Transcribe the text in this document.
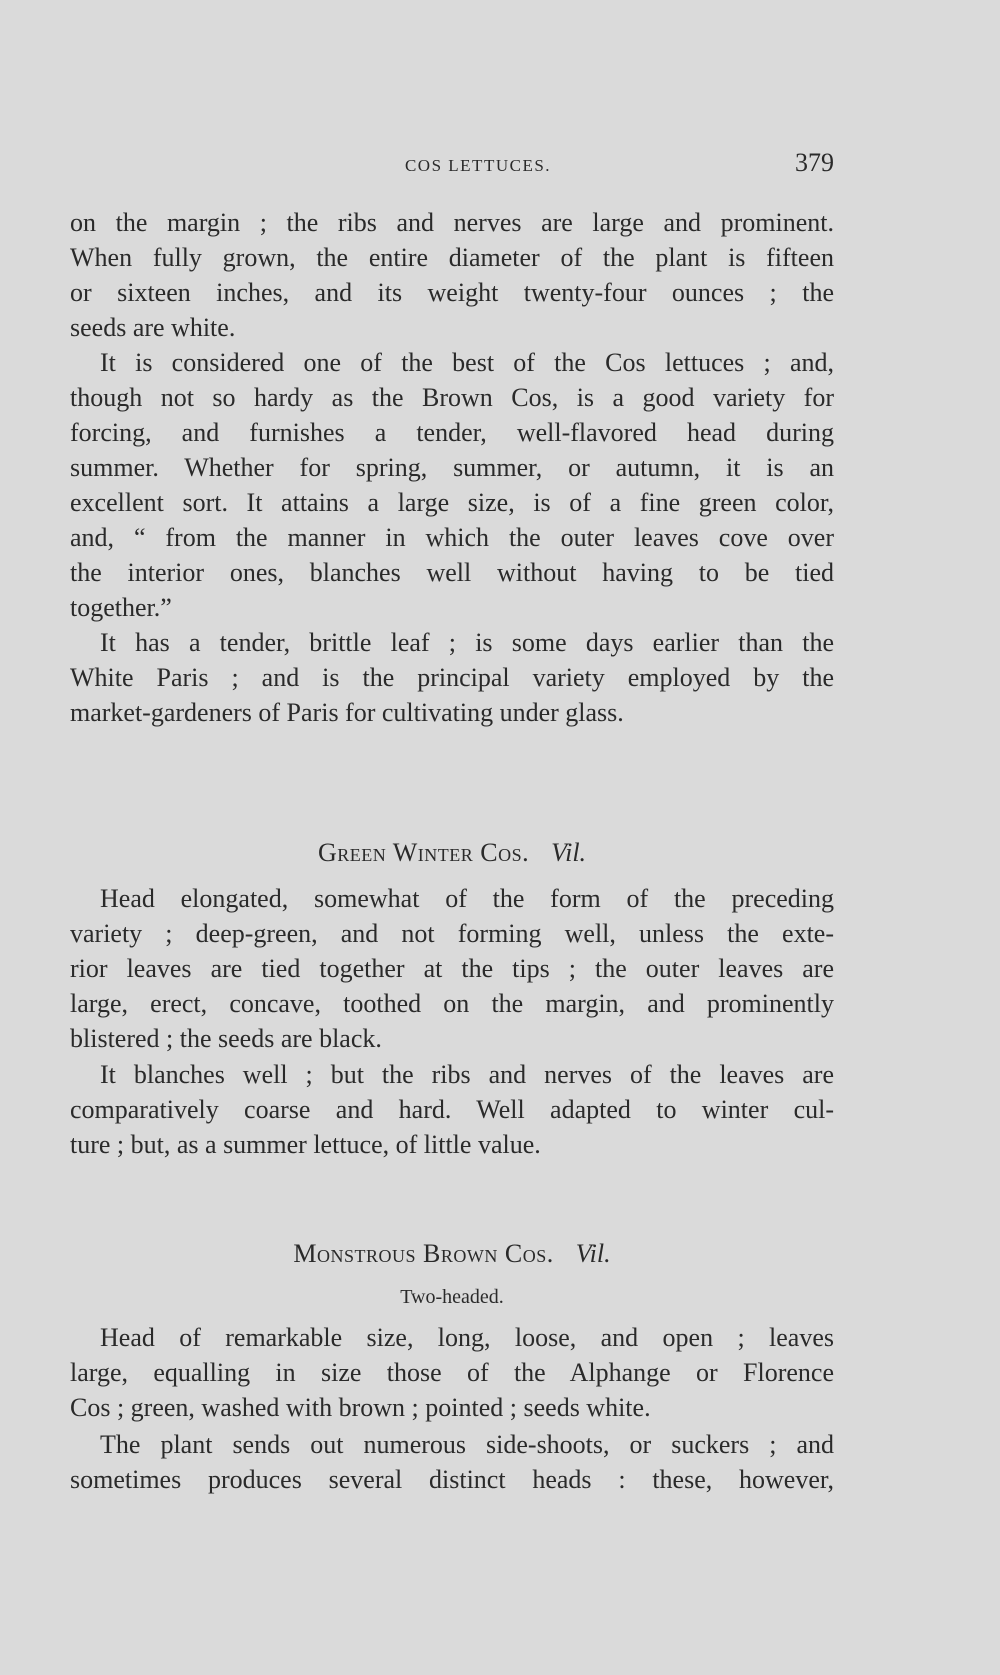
COS LETTUCES.	379
on the margin ; the ribs and nerves are large and prominent.
When fully grown, the entire diameter of the plant is fifteen
or sixteen inches, and its weight twenty-four ounces ; the
seeds are white.
It is considered one of the best of the Cos lettuces ; and,
though not so hardy as the Brown Cos, is a good variety for
forcing, and furnishes a tender, well-flavored head during
summer. Whether for spring, summer, or autumn, it is an
excellent sort. It attains a large size, is of a fine green color,
and, “ from the manner in which the outer leaves cove over
the interior ones, blanches well without having to be tied
together.”
It has a tender, brittle leaf ; is some days earlier than the
White Paris ; and is the principal variety employed by the
market-gardeners of Paris for cultivating under glass.
Green Winter Cos. Vil.
Head elongated, somewhat of the form of the preceding
variety ; deep-green, and not forming well, unless the exte-
rior leaves are tied together at the tips ; the outer leaves are
large, erect, concave, toothed on the margin, and prominently
blistered ; the seeds are black.
It blanches well ; but the ribs and nerves of the leaves are
comparatively coarse and hard. Well adapted to winter cul-
ture ; but, as a summer lettuce, of little value.
Monstrous Brown Cos. Vil.
Two-headed.
Head of remarkable size, long, loose, and open ; leaves
large, equalling in size those of the Alphange or Florence
Cos ; green, washed with brown ; pointed ; seeds white.
The plant sends out numerous side-shoots, or suckers ; and
sometimes produces several distinct heads : these, however,
